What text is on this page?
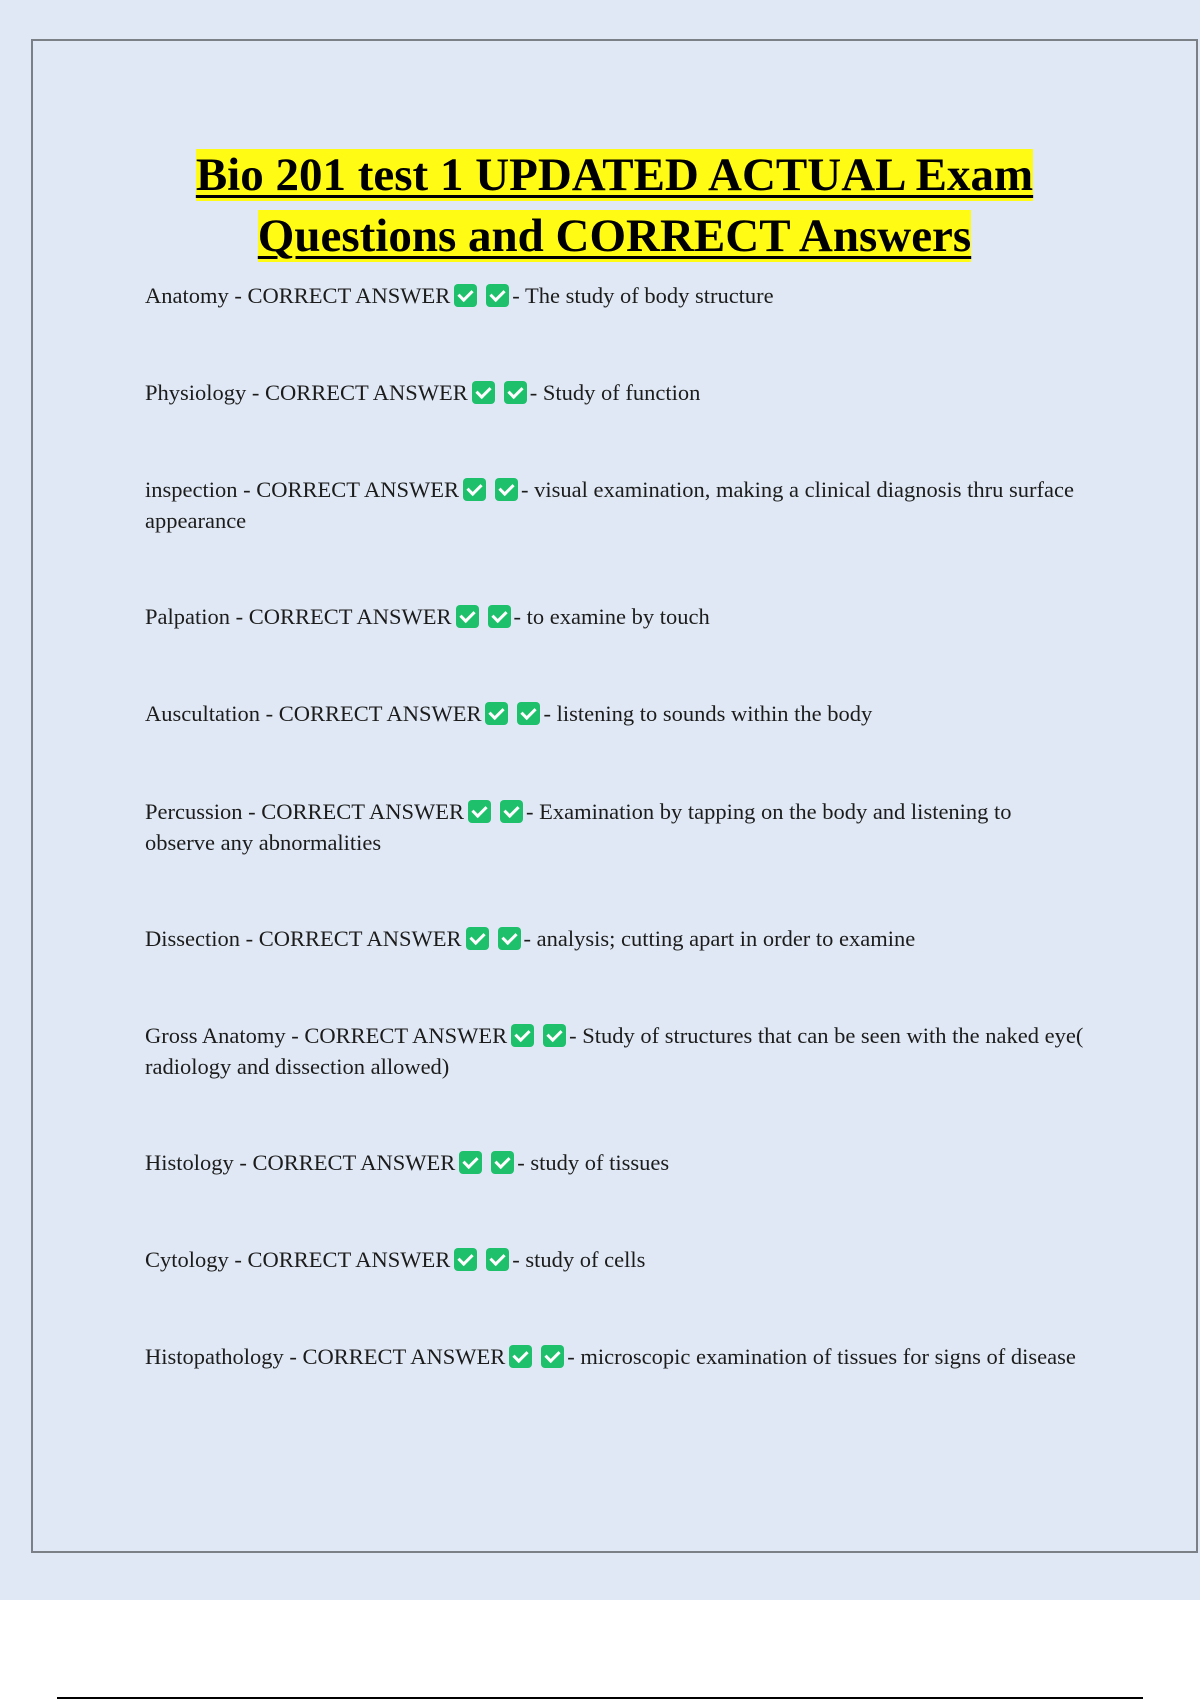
Bio 201 test 1 UPDATED ACTUAL Exam
Questions and CORRECT Answers
Anatomy - CORRECT ANSWER	- The study of body structure
Physiology - CORRECT ANSWER	- Study of function
inspection - CORRECT ANSWER	- visual examination, making a clinical diagnosis thru surface appearance
Palpation - CORRECT ANSWER	- to examine by touch
Auscultation - CORRECT ANSWER	- listening to sounds within the body
Percussion - CORRECT ANSWER	- Examination by tapping on the body and listening to observe any abnormalities
Dissection - CORRECT ANSWER	- analysis; cutting apart in order to examine
Gross Anatomy - CORRECT ANSWER	- Study of structures that can be seen with the naked eye( radiology and dissection allowed)
Histology - CORRECT ANSWER	- study of tissues
Cytology - CORRECT ANSWER	- study of cells
Histopathology - CORRECT ANSWER	- microscopic examination of tissues for signs of disease
